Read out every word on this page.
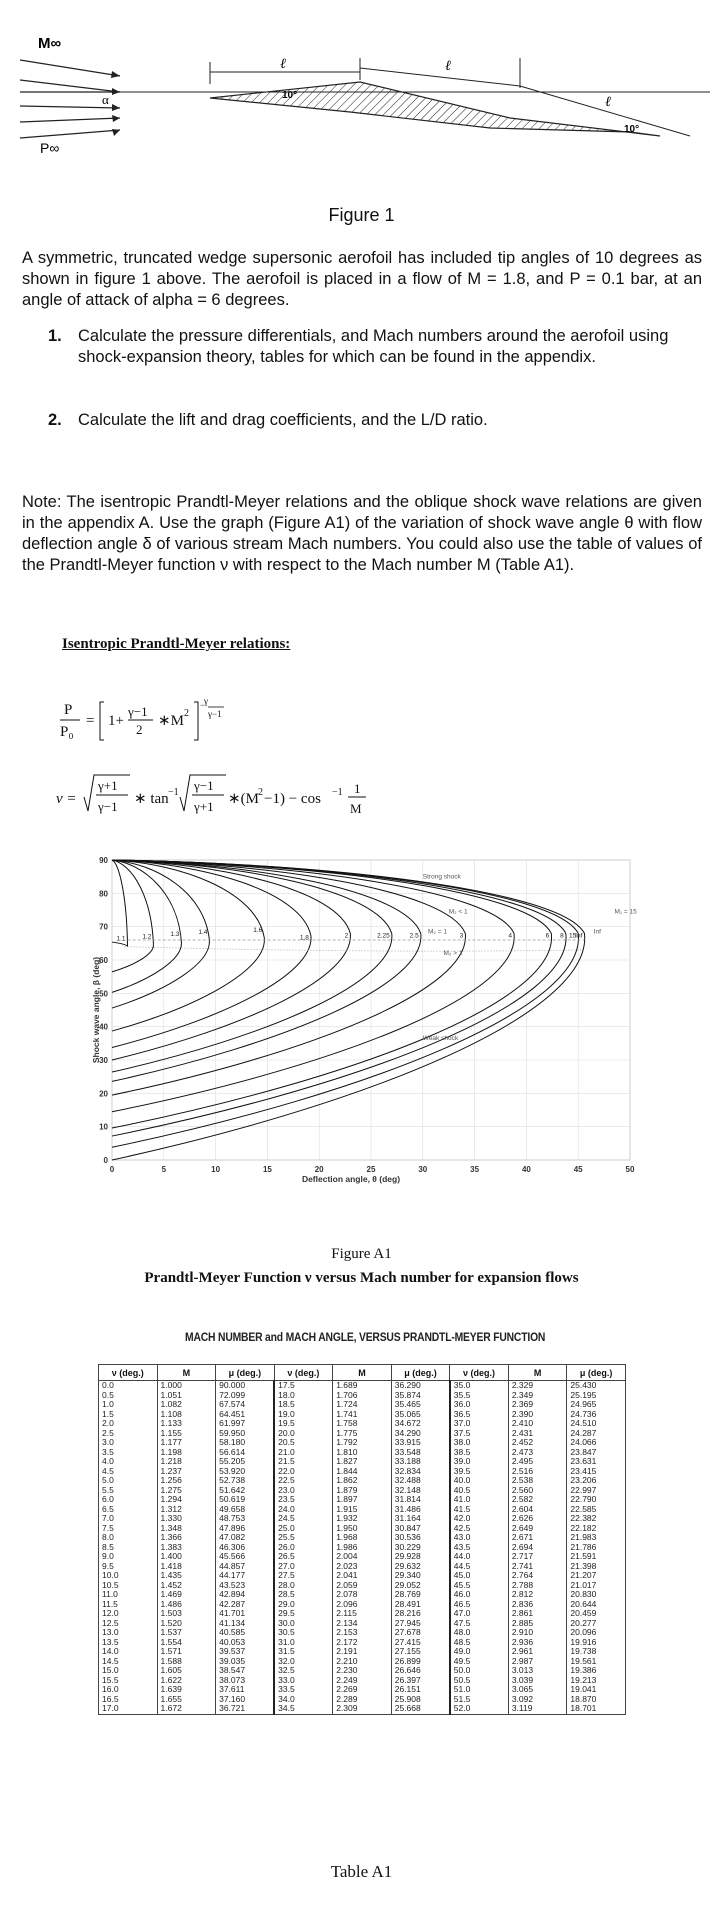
M∞
P∞
α
ℓ	ℓ
ℓ
10°
10°
Figure 1
A symmetric, truncated wedge supersonic aerofoil has included tip angles of 10 degrees as shown in figure 1 above. The aerofoil is placed in a flow of M = 1.8, and P = 0.1 bar, at an angle of attack of alpha = 6 degrees.
1. Calculate the pressure differentials, and Mach numbers around the aerofoil using shock-expansion theory, tables for which can be found in the appendix.
2. Calculate the lift and drag coefficients, and the L/D ratio.
Note: The isentropic Prandtl-Meyer relations and the oblique shock wave relations are given in the appendix A. Use the graph (Figure A1) of the variation of shock wave angle θ with flow deflection angle δ of various stream Mach numbers. You could also use the table of values of the Prandtl-Meyer function ν with respect to the Mach number M (Table A1).
Isentropic Prandtl-Meyer relations:
P
P₀
= 1+
γ−1
2
∗M 2
γ
−
γ−1
ν =
γ+1
γ−1 ∗ tan −1 γ−1
γ+1 ∗(M 2 −1) − cos −1 1
M
0	5	10	15	20	25	30	35	40	45	50
0
10
20
30
40
50
60
70
80
90
Deflection angle, θ (deg)
Shock wave angle, β (deg)
1.1	1.2	1.3	1.4	1.6
1.8	2	2.25	2.5	3	4	6 8 15
Inf
Strong shock
Weak shock
M₂ < 1
M₂ = 1
M₂ > 1
M₁ = 15
Inf
Figure A1
Prandtl-Meyer Function ν versus Mach number for expansion flows
MACH NUMBER and MACH ANGLE, VERSUS PRANDTL-MEYER FUNCTION
ν (deg.)	M	μ (deg.)	ν (deg.)	M	μ (deg.)	ν (deg.)	M	μ (deg.)
0.0	1.000	90.000	17.5	1.689	36.290	35.0	2.329	25.430
0.5	1.051	72.099	18.0	1.706	35.874	35.5	2.349	25.195
1.0	1.082	67.574	18.5	1.724	35.465	36.0	2.369	24.965
1.5	1.108	64.451	19.0	1.741	35.065	36.5	2.390	24.736
2.0	1.133	61.997	19.5	1.758	34.672	37.0	2.410	24.510
2.5	1.155	59.950	20.0	1.775	34.290	37.5	2.431	24.287
3.0	1.177	58.180	20.5	1.792	33.915	38.0	2.452	24.066
3.5	1.198	56.614	21.0	1.810	33.548	38.5	2.473	23.847
4.0	1.218	55.205	21.5	1.827	33.188	39.0	2.495	23.631
4.5	1.237	53.920	22.0	1.844	32.834	39.5	2.516	23.415
5.0	1.256	52.738	22.5	1.862	32.488	40.0	2.538	23.206
5.5	1.275	51.642	23.0	1.879	32.148	40.5	2.560	22.997
6.0	1.294	50.619	23.5	1.897	31.814	41.0	2.582	22.790
6.5	1.312	49.658	24.0	1.915	31.486	41.5	2.604	22.585
7.0	1.330	48.753	24.5	1.932	31.164	42.0	2.626	22.382
7.5	1.348	47.896	25.0	1.950	30.847	42.5	2.649	22.182
8.0	1.366	47.082	25.5	1.968	30.536	43.0	2.671	21.983
8.5	1.383	46.306	26.0	1.986	30.229	43.5	2.694	21.786
9.0	1.400	45.566	26.5	2.004	29.928	44.0	2.717	21.591
9.5	1.418	44.857	27.0	2.023	29.632	44.5	2.741	21.398
10.0	1.435	44.177	27.5	2.041	29.340	45.0	2.764	21.207
10.5	1.452	43.523	28.0	2.059	29.052	45.5	2.788	21.017
11.0	1.469	42.894	28.5	2.078	28.769	46.0	2.812	20.830
11.5	1.486	42.287	29.0	2.096	28.491	46.5	2.836	20.644
12.0	1.503	41.701	29.5	2.115	28.216	47.0	2.861	20.459
12.5	1.520	41.134	30.0	2.134	27.945	47.5	2.885	20.277
13.0	1.537	40.585	30.5	2.153	27.678	48.0	2.910	20.096
13.5	1.554	40.053	31.0	2.172	27.415	48.5	2.936	19.916
14.0	1.571	39.537	31.5	2.191	27.155	49.0	2.961	19.738
14.5	1.588	39.035	32.0	2.210	26.899	49.5	2.987	19.561
15.0	1.605	38.547	32.5	2.230	26.646	50.0	3.013	19.386
15.5	1.622	38.073	33.0	2.249	26.397	50.5	3.039	19.213
16.0	1.639	37.611	33.5	2.269	26.151	51.0	3.065	19.041
16.5	1.655	37.160	34.0	2.289	25.908	51.5	3.092	18.870
17.0	1.672	36.721	34.5	2.309	25.668	52.0	3.119	18.701
Table A1
